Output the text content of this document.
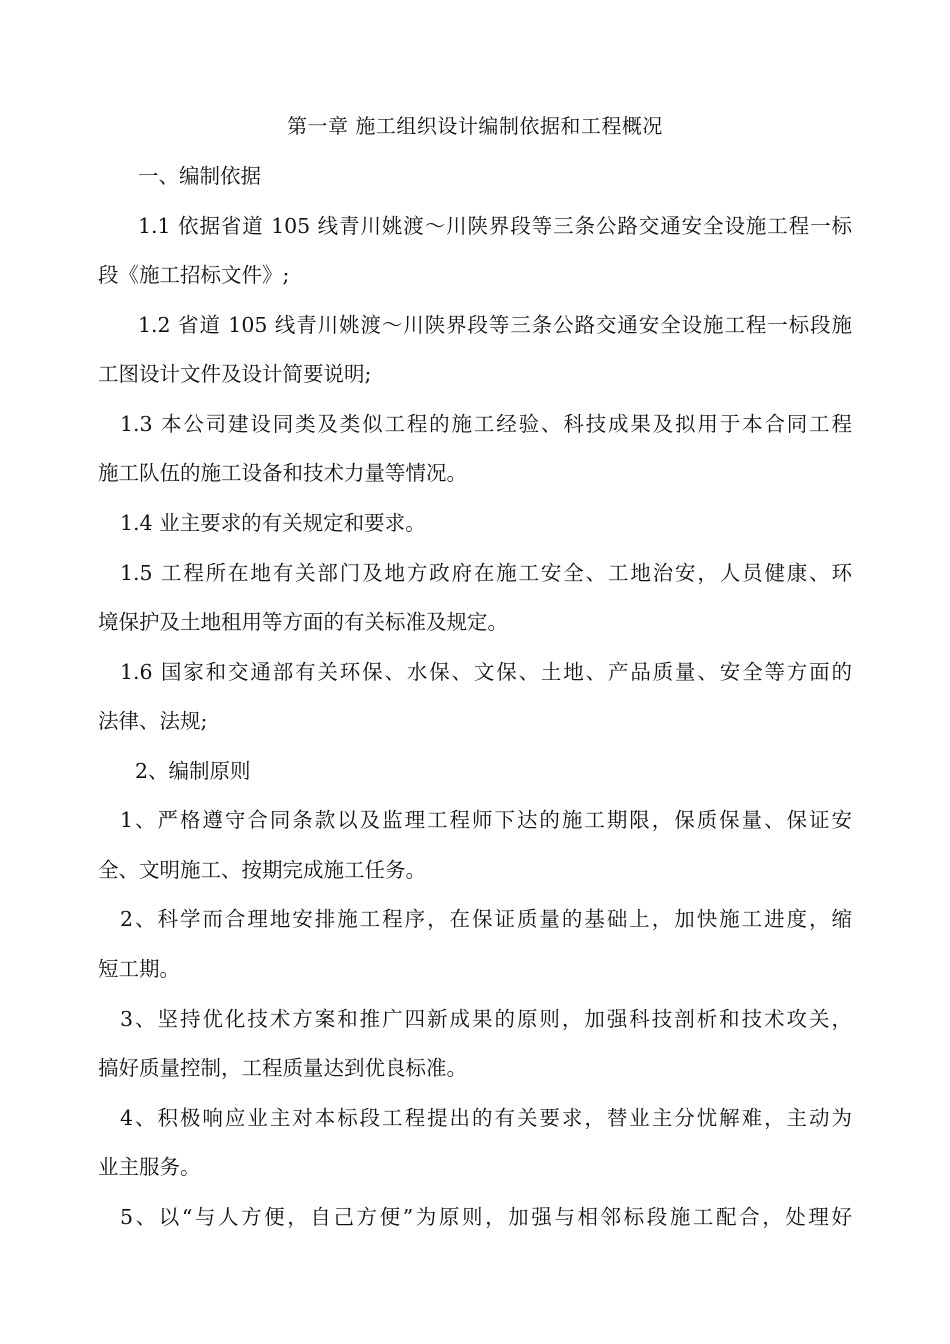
第一章 施工组织设计编制依据和工程概况
一、编制依据
1.1 依据省道 105 线青川姚渡～川陕界段等三条公路交通安全设施工程一标
段《施工招标文件》;
1.2 省道 105 线青川姚渡～川陕界段等三条公路交通安全设施工程一标段施
工图设计文件及设计简要说明;
1.3 本公司建设同类及类似工程的施工经验、科技成果及拟用于本合同工程
施工队伍的施工设备和技术力量等情况。
1.4 业主要求的有关规定和要求。
1.5 工程所在地有关部门及地方政府在施工安全、工地治安，人员健康、环
境保护及土地租用等方面的有关标准及规定。
1.6 国家和交通部有关环保、水保、文保、土地、产品质量、安全等方面的
法律、法规;
2、编制原则
1、严格遵守合同条款以及监理工程师下达的施工期限，保质保量、保证安
全、文明施工、按期完成施工任务。
2、科学而合理地安排施工程序，在保证质量的基础上，加快施工进度，缩
短工期。
3、坚持优化技术方案和推广四新成果的原则，加强科技剖析和技术攻关，
搞好质量控制，工程质量达到优良标准。
4、积极响应业主对本标段工程提出的有关要求，替业主分忧解难，主动为
业主服务。
5、以“与人方便，自己方便”为原则，加强与相邻标段施工配合，处理好
